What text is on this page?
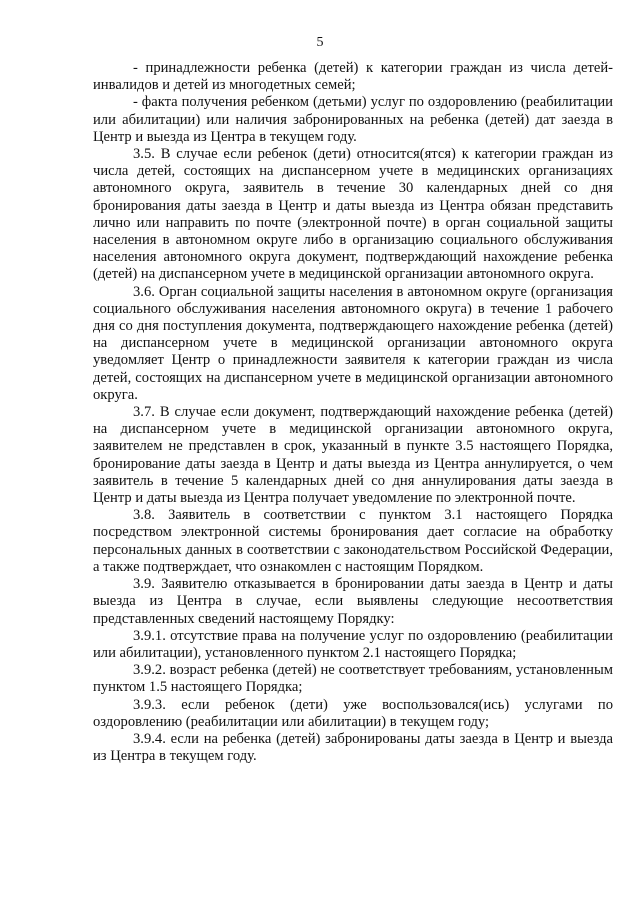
5

- принадлежности ребенка (детей) к категории граждан из числа детей-инвалидов и детей из многодетных семей;

- факта получения ребенком (детьми) услуг по оздоровлению (реабилитации или абилитации) или наличия забронированных на ребенка (детей) дат заезда в Центр и выезда из Центра в текущем году.

3.5. В случае если ребенок (дети) относится(ятся) к категории граждан из числа детей, состоящих на диспансерном учете в медицинских организациях автономного округа, заявитель в течение 30 календарных дней со дня бронирования даты заезда в Центр и даты выезда из Центра обязан представить лично или направить по почте (электронной почте) в орган социальной защиты населения в автономном округе либо в организацию социального обслуживания населения автономного округа документ, подтверждающий нахождение ребенка (детей) на диспансерном учете в медицинской организации автономного округа.

3.6. Орган социальной защиты населения в автономном округе (организация социального обслуживания населения автономного округа) в течение 1 рабочего дня со дня поступления документа, подтверждающего нахождение ребенка (детей) на диспансерном учете в медицинской организации автономного округа уведомляет Центр о принадлежности заявителя к категории граждан из числа детей, состоящих на диспансерном учете в медицинской организации автономного округа.

3.7. В случае если документ, подтверждающий нахождение ребенка (детей) на диспансерном учете в медицинской организации автономного округа, заявителем не представлен в срок, указанный в пункте 3.5 настоящего Порядка, бронирование даты заезда в Центр и даты выезда из Центра аннулируется, о чем заявитель в течение 5 календарных дней со дня аннулирования даты заезда в Центр и даты выезда из Центра получает уведомление по электронной почте.

3.8. Заявитель в соответствии с пунктом 3.1 настоящего Порядка посредством электронной системы бронирования дает согласие на обработку персональных данных в соответствии с законодательством Российской Федерации, а также подтверждает, что ознакомлен с настоящим Порядком.

3.9. Заявителю отказывается в бронировании даты заезда в Центр и даты выезда из Центра в случае, если выявлены следующие несоответствия представленных сведений настоящему Порядку:

3.9.1. отсутствие права на получение услуг по оздоровлению (реабилитации или абилитации), установленного пунктом 2.1 настоящего Порядка;

3.9.2. возраст ребенка (детей) не соответствует требованиям, установленным пунктом 1.5 настоящего Порядка;

3.9.3. если ребенок (дети) уже воспользовался(ись) услугами по оздоровлению (реабилитации или абилитации) в текущем году;

3.9.4. если на ребенка (детей) забронированы даты заезда в Центр и выезда из Центра в текущем году.
